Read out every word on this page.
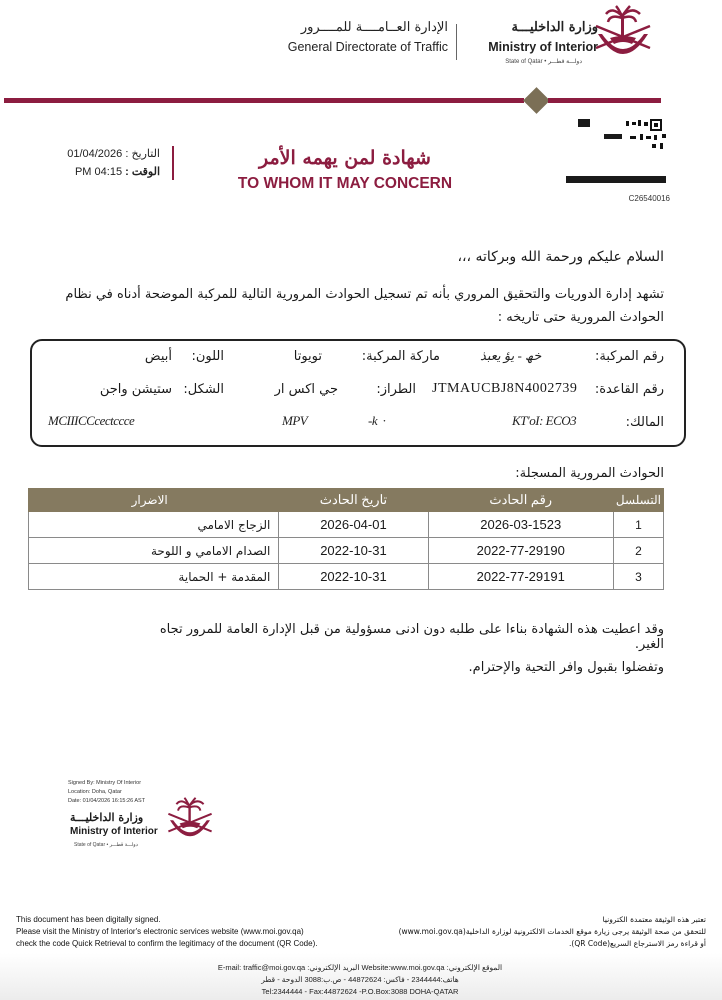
وزارة الداخليـــة
Ministry of Interior
State of Qatar • دولـــة قطـــر
الإدارة العــامــــة للمــــرور
General Directorate of Traffic
التاريخ : 01/04/2026
الوقت : 04:15 PM
شهادة لمن يهمه الأمر
TO WHOM IT MAY CONCERN
C26540016
السلام عليكم ورحمة الله وبركاته ،،،
تشهد إدارة الدوريات والتحقيق المروري بأنه تم تسجيل الحوادث المرورية التالية للمركبة الموضحة أدناه في نظام الحوادث المرورية حتى تاريخه :
رقم المركبة:
ﺧﮫ - ﯾﺆ ﯾﻌﺒﺬ
ماركة المركبة:
تويوتا
اللون:
أبيض
رقم القاعدة:
JTMAUCBJ8N4002739
الطراز:
جي اكس ار
الشكل:
ستيشن واجن
المالك:
KT′oI: ECO3
-k  ·
MPV
MCIIICCcectccce
الحوادث المرورية المسجلة:
الاضرار	تاريخ الحادث	رقم الحادث	التسلسل
الزجاج الامامي	2026-04-01	2026-03-1523	1
الصدام الامامي و اللوحة	2022-10-31	2022-77-29190	2
المقدمة + الحماية	2022-10-31	2022-77-29191	3
وقد اعطيت هذه الشهادة بناءا على طلبه دون ادنى مسؤولية من قبل الإدارة العامة للمرور تجاه الغير.
وتفضلوا بقبول وافر التحية والإحترام.
Signed By: Ministry Of Interior
Location: Doha, Qatar
Date: 01/04/2026 16:15:26 AST
وزارة الداخليـــة
Ministry of Interior
State of Qatar • دولـــة قطـــر
This document has been digitally signed.
Please visit the Ministry of Interior's electronic services website (www.moi.gov.qa)
check the code Quick Retrieval to confirm the legitimacy of the document (QR Code).
تعتبر هذه الوثيقة معتمدة الكترونيا
للتحقق من صحة الوثيقة يرجى زيارة موقع الخدمات الالكترونية لوزارة الداخلية(www.moi.gov.qa)
أو قراءة رمز الاسترجاع السريع(QR Code).
E-mail: traffic@moi.gov.qa :البريد الإلكتروني Website:www.moi.gov.qa :الموقع الإلكتروني
هاتف:2344444 - فاكس: 44872624 - ص.ب:3088 الدوحة - قطر
Tel:2344444 - Fax:44872624 -P.O.Box:3088 DOHA-QATAR
